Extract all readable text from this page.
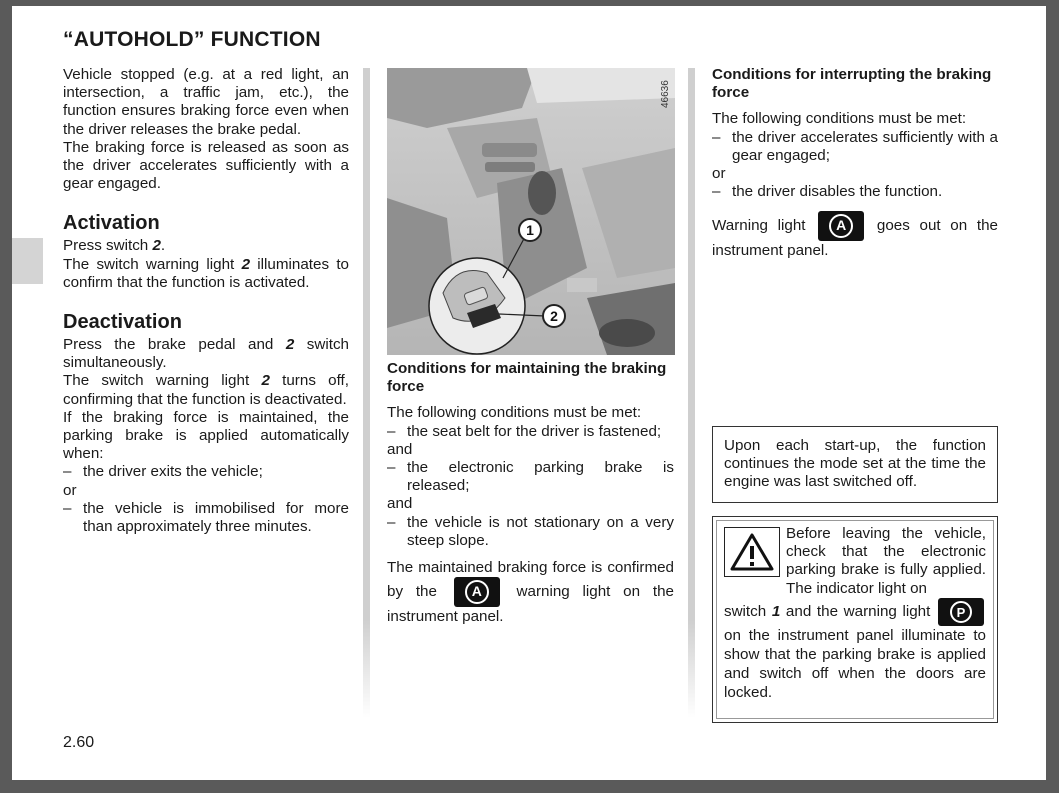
“AUTOHOLD” FUNCTION

Vehicle stopped (e.g. at a red light, an intersection, a traffic jam, etc.), the function ensures braking force even when the driver releases the brake pedal.

The braking force is released as soon as the driver accelerates sufficiently with a gear engaged.

Activation

Press switch 2.

The switch warning light 2 illuminates to confirm that the function is activated.

Deactivation

Press the brake pedal and 2 switch simultaneously.

The switch warning light 2 turns off, confirming that the function is deactivated.

If the braking force is maintained, the parking brake is applied automatically when:

– the driver exits the vehicle;
or
– the vehicle is immobilised for more than approximately three minutes.
1
2
46636
Conditions for maintaining the braking force

The following conditions must be met:

– the seat belt for the driver is fastened;
and
– the electronic parking brake is released;
and
– the vehicle is not stationary on a very steep slope.

The maintained braking force is confirmed by the	A	warning light on the instrument panel.

Conditions for interrupting the braking force

The following conditions must be met:

– the driver accelerates sufficiently with a gear engaged;
or
– the driver disables the function.

Warning light	A	goes out on the instrument panel.

Upon each start-up, the function continues the mode set at the time the engine was last switched off.

Before leaving the vehicle, check that the electronic parking brake is fully applied. The indicator light on

switch 1 and the warning light	P
on the instrument panel illuminate to show that the parking brake is applied and switch off when the doors are locked.

2.60
